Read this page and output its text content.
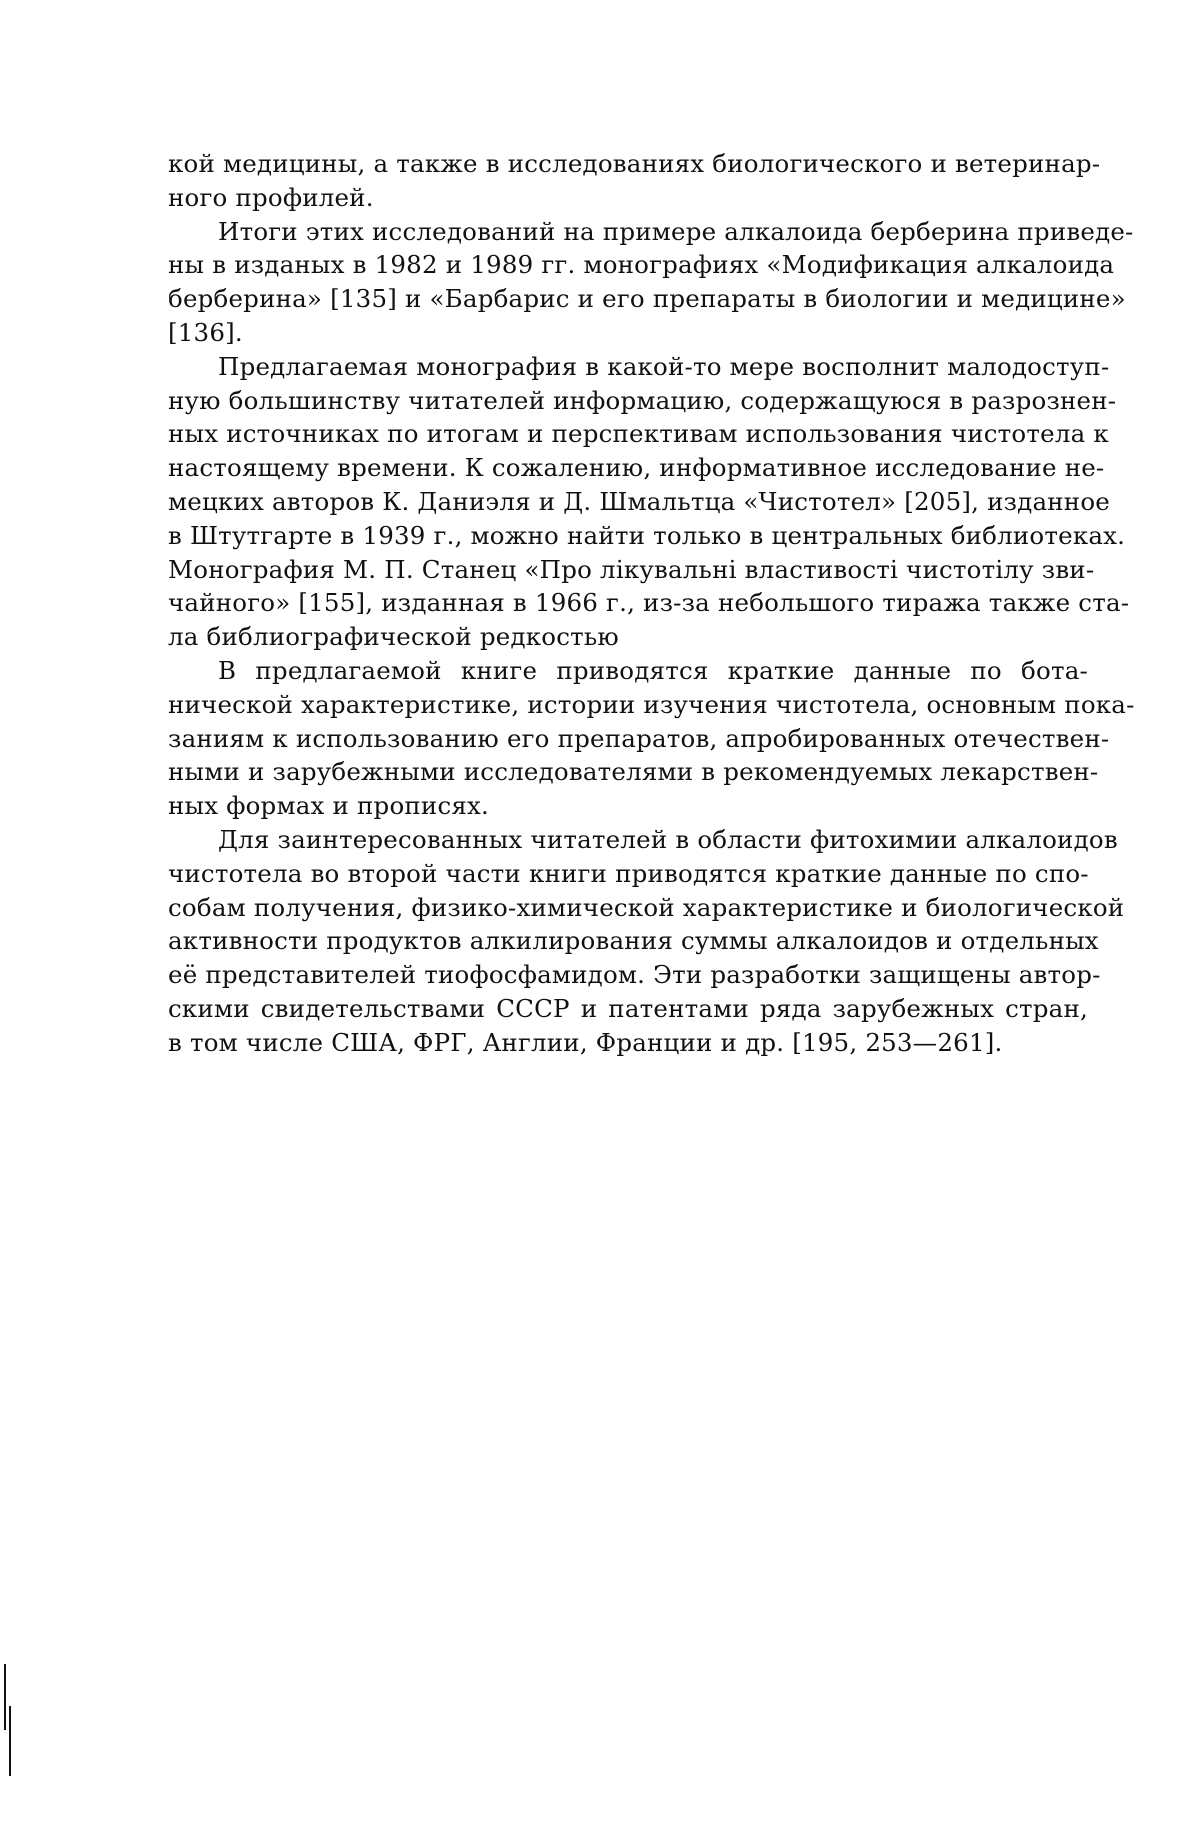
кой медицины, а также в исследованиях биологического и ветеринар-
ного профилей.
Итоги этих исследований на примере алкалоида берберина приведе-
ны в изданых в 1982 и 1989 гг. монографиях «Модификация алкалоида
берберина» [135] и «Барбарис и его препараты в биологии и медицине»
[136].
Предлагаемая монография в какой-то мере восполнит малодоступ-
ную большинству читателей информацию, содержащуюся в разрознен-
ных источниках по итогам и перспективам использования чистотела к
настоящему времени. К сожалению, информативное исследование не-
мецких авторов К. Даниэля и Д. Шмальтца «Чистотел» [205], изданное
в Штутгарте в 1939 г., можно найти только в центральных библиотеках.
Монография М. П. Станец «Про лікувальні властивості чистотілу зви-
чайного» [155], изданная в 1966 г., из-за небольшого тиража также ста-
ла библиографической редкостью
В предлагаемой книге приводятся краткие данные по бота-
нической характеристике, истории изучения чистотела, основным пока-
заниям к использованию его препаратов, апробированных отечествен-
ными и зарубежными исследователями в рекомендуемых лекарствен-
ных формах и прописях.
Для заинтересованных читателей в области фитохимии алкалоидов
чистотела во второй части книги приводятся краткие данные по спо-
собам получения, физико-химической характеристике и биологической
активности продуктов алкилирования суммы алкалоидов и отдельных
её представителей тиофосфамидом. Эти разработки защищены автор-
скими свидетельствами СССР и патентами ряда зарубежных стран,
в том числе США, ФРГ, Англии, Франции и др. [195, 253—261].
